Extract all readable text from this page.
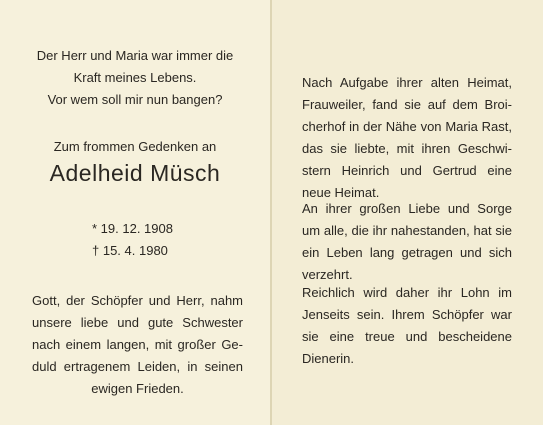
Der Herr und Maria war immer die
Kraft meines Lebens.
Vor wem soll mir nun bangen?
Zum frommen Gedenken an
Adelheid Müsch
* 19. 12. 1908
† 15. 4. 1980
Gott, der Schöpfer und Herr, nahm
unsere liebe und gute Schwester
nach einem langen, mit großer Ge-
duld ertragenem Leiden, in seinen
ewigen Frieden.
Nach Aufgabe ihrer alten Heimat,
Frauweiler, fand sie auf dem Broi-
cherhof in der Nähe von Maria Rast,
das sie liebte, mit ihren Geschwi-
stern Heinrich und Gertrud eine
neue Heimat.
An ihrer großen Liebe und Sorge
um alle, die ihr nahestanden, hat sie
ein Leben lang getragen und sich
verzehrt.
Reichlich wird daher ihr Lohn im
Jenseits sein. Ihrem Schöpfer war
sie eine treue und bescheidene
Dienerin.
